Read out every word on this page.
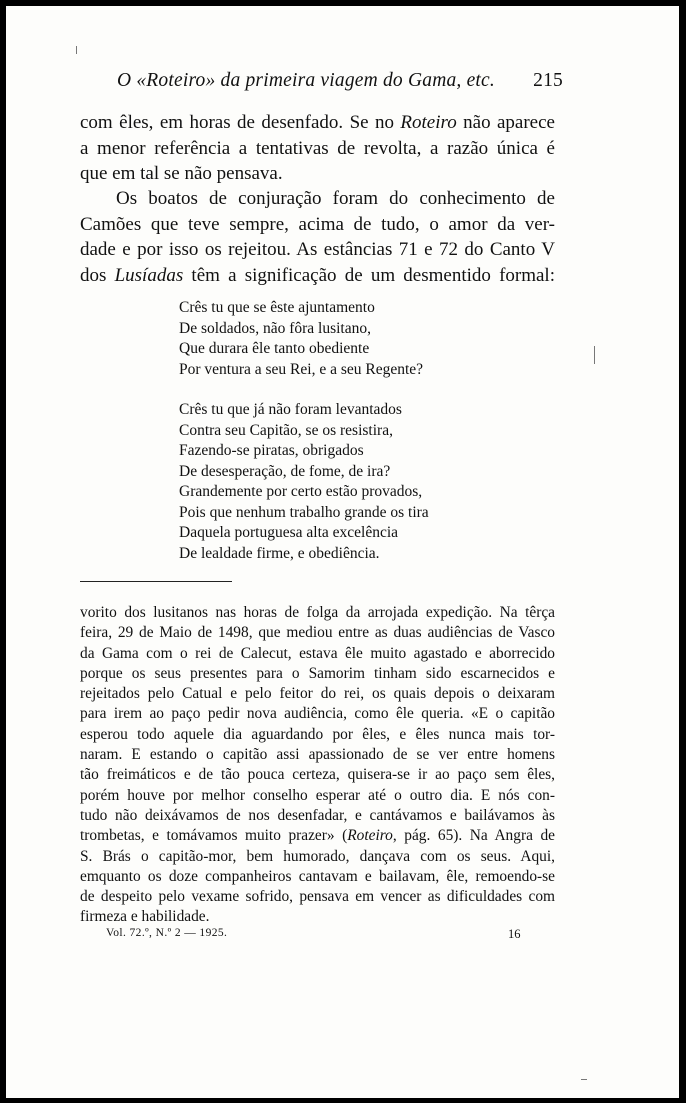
O «Roteiro» da primeira viagem do Gama, etc. 215
com êles, em horas de desenfado. Se no Roteiro não aparece
a menor referência a tentativas de revolta, a razão única é
que em tal se não pensava.
Os boatos de conjuração foram do conhecimento de
Camões que teve sempre, acima de tudo, o amor da ver-
dade e por isso os rejeitou. As estâncias 71 e 72 do Canto V
dos Lusíadas têm a significação de um desmentido formal:
Crês tu que se êste ajuntamento
De soldados, não fôra lusitano,
Que durara êle tanto obediente
Por ventura a seu Rei, e a seu Regente?
Crês tu que já não foram levantados
Contra seu Capitão, se os resistira,
Fazendo-se piratas, obrigados
De desesperação, de fome, de ira?
Grandemente por certo estão provados,
Pois que nenhum trabalho grande os tira
Daquela portuguesa alta excelência
De lealdade firme, e obediência.
vorito dos lusitanos nas horas de folga da arrojada expedição. Na têrça
feira, 29 de Maio de 1498, que mediou entre as duas audiências de Vasco
da Gama com o rei de Calecut, estava êle muito agastado e aborrecido
porque os seus presentes para o Samorim tinham sido escarnecidos e
rejeitados pelo Catual e pelo feitor do rei, os quais depois o deixaram
para irem ao paço pedir nova audiência, como êle queria. «E o capitão
esperou todo aquele dia aguardando por êles, e êles nunca mais tor-
naram. E estando o capitão assi apassionado de se ver entre homens
tão freimáticos e de tão pouca certeza, quisera-se ir ao paço sem êles,
porém houve por melhor conselho esperar até o outro dia. E nós con-
tudo não deixávamos de nos desenfadar, e cantávamos e bailávamos às
trombetas, e tomávamos muito prazer» (Roteiro, pág. 65). Na Angra de
S. Brás o capitão-mor, bem humorado, dançava com os seus. Aqui,
emquanto os doze companheiros cantavam e bailavam, êle, remoendo-se
de despeito pelo vexame sofrido, pensava em vencer as dificuldades com
firmeza e habilidade.
Vol. 72.º, N.º 2 — 1925.	16
